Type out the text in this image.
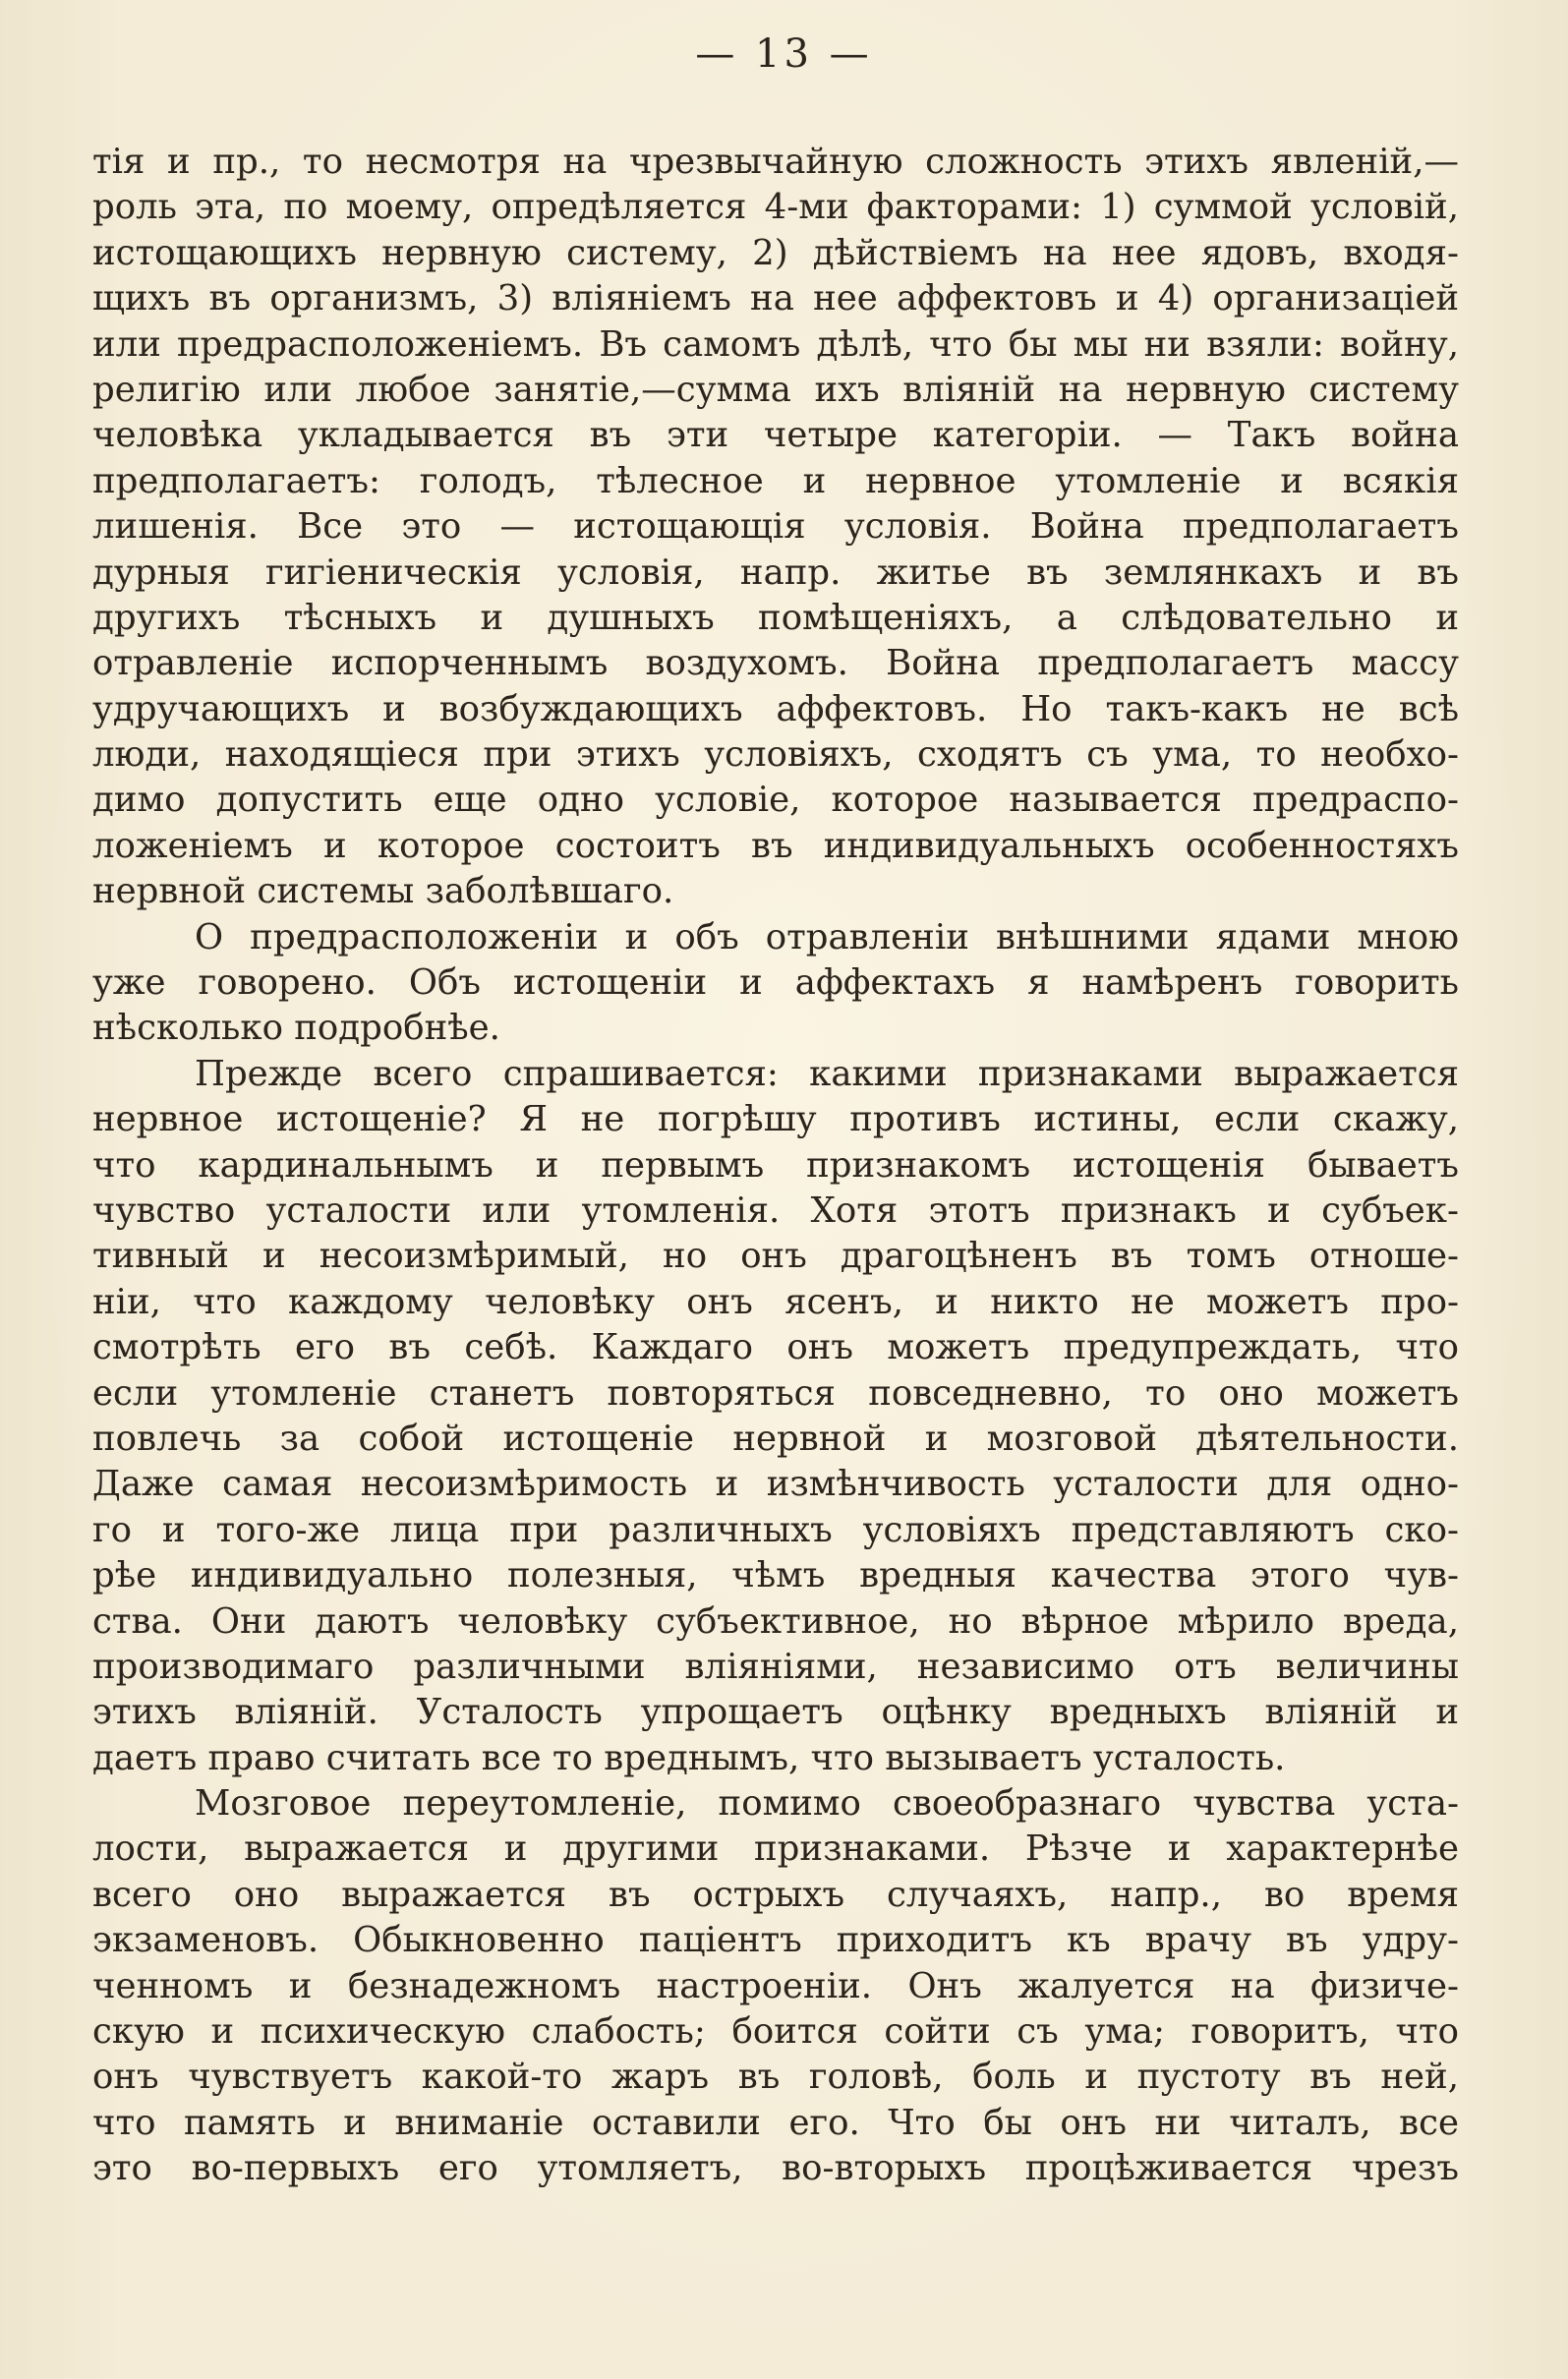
— 13 —
тія и пр., то несмотря на чрезвычайную сложность этихъ явленій,—
роль эта, по моему, опредѣляется 4-ми факторами: 1) суммой условій,
истощающихъ нервную систему, 2) дѣйствіемъ на нее ядовъ, входя-
щихъ въ организмъ, 3) вліяніемъ на нее аффектовъ и 4) организацiей
или предрасположеніемъ. Въ самомъ дѣлѣ, что бы мы ни взяли: войну,
религію или любое занятіе,—сумма ихъ вліяній на нервную систему
человѣка укладывается въ эти четыре категоріи. — Такъ война
предполагаетъ: голодъ, тѣлесное и нервное утомленіе и всякія
лишенія. Все это — истощающія условія. Война предполагаетъ
дурныя гигіеническія условія, напр. житье въ землянкахъ и въ
другихъ тѣсныхъ и душныхъ помѣщеніяхъ, а слѣдовательно и
отравленіе испорченнымъ воздухомъ. Война предполагаетъ массу
удручающихъ и возбуждающихъ аффектовъ. Но такъ-какъ не всѣ
люди, находящіеся при этихъ условіяхъ, сходятъ съ ума, то необхо-
димо допустить еще одно условіе, которое называется предраспо-
ложеніемъ и которое состоитъ въ индивидуальныхъ особенностяхъ
нервной системы заболѣвшаго.
О предрасположеніи и объ отравленіи внѣшними ядами мною
уже говорено. Объ истощеніи и аффектахъ я намѣренъ говорить
нѣсколько подробнѣе.
Прежде всего спрашивается: какими признаками выражается
нервное истощеніе? Я не погрѣшу противъ истины, если скажу,
что кардинальнымъ и первымъ признакомъ истощенія бываетъ
чувство усталости или утомленія. Хотя этотъ признакъ и субъек-
тивный и несоизмѣримый, но онъ драгоцѣненъ въ томъ отноше-
ніи, что каждому человѣку онъ ясенъ, и никто не можетъ про-
смотрѣть его въ себѣ. Каждаго онъ можетъ предупреждать, что
если утомленіе станетъ повторяться повседневно, то оно можетъ
повлечь за собой истощеніе нервной и мозговой дѣятельности.
Даже самая несоизмѣримость и измѣнчивость усталости для одно-
го и того-же лица при различныхъ условіяхъ представляютъ ско-
рѣе индивидуально полезныя, чѣмъ вредныя качества этого чув-
ства. Они даютъ человѣку субъективное, но вѣрное мѣрило вреда,
производимаго различными вліяніями, независимо отъ величины
этихъ вліяній. Усталость упрощаетъ оцѣнку вредныхъ вліяній и
даетъ право считать все то вреднымъ, что вызываетъ усталость.
Мозговое переутомленіе, помимо своеобразнаго чувства уста-
лости, выражается и другими признаками. Рѣзче и характернѣе
всего оно выражается въ острыхъ случаяхъ, напр., во время
экзаменовъ. Обыкновенно паціентъ приходитъ къ врачу въ удру-
ченномъ и безнадежномъ настроеніи. Онъ жалуется на физиче-
скую и психическую слабость; боится сойти съ ума; говоритъ, что
онъ чувствуетъ какой-то жаръ въ головѣ, боль и пустоту въ ней,
что память и вниманіе оставили его. Что бы онъ ни читалъ, все
это во-первыхъ его утомляетъ, во-вторыхъ процѣживается чрезъ
